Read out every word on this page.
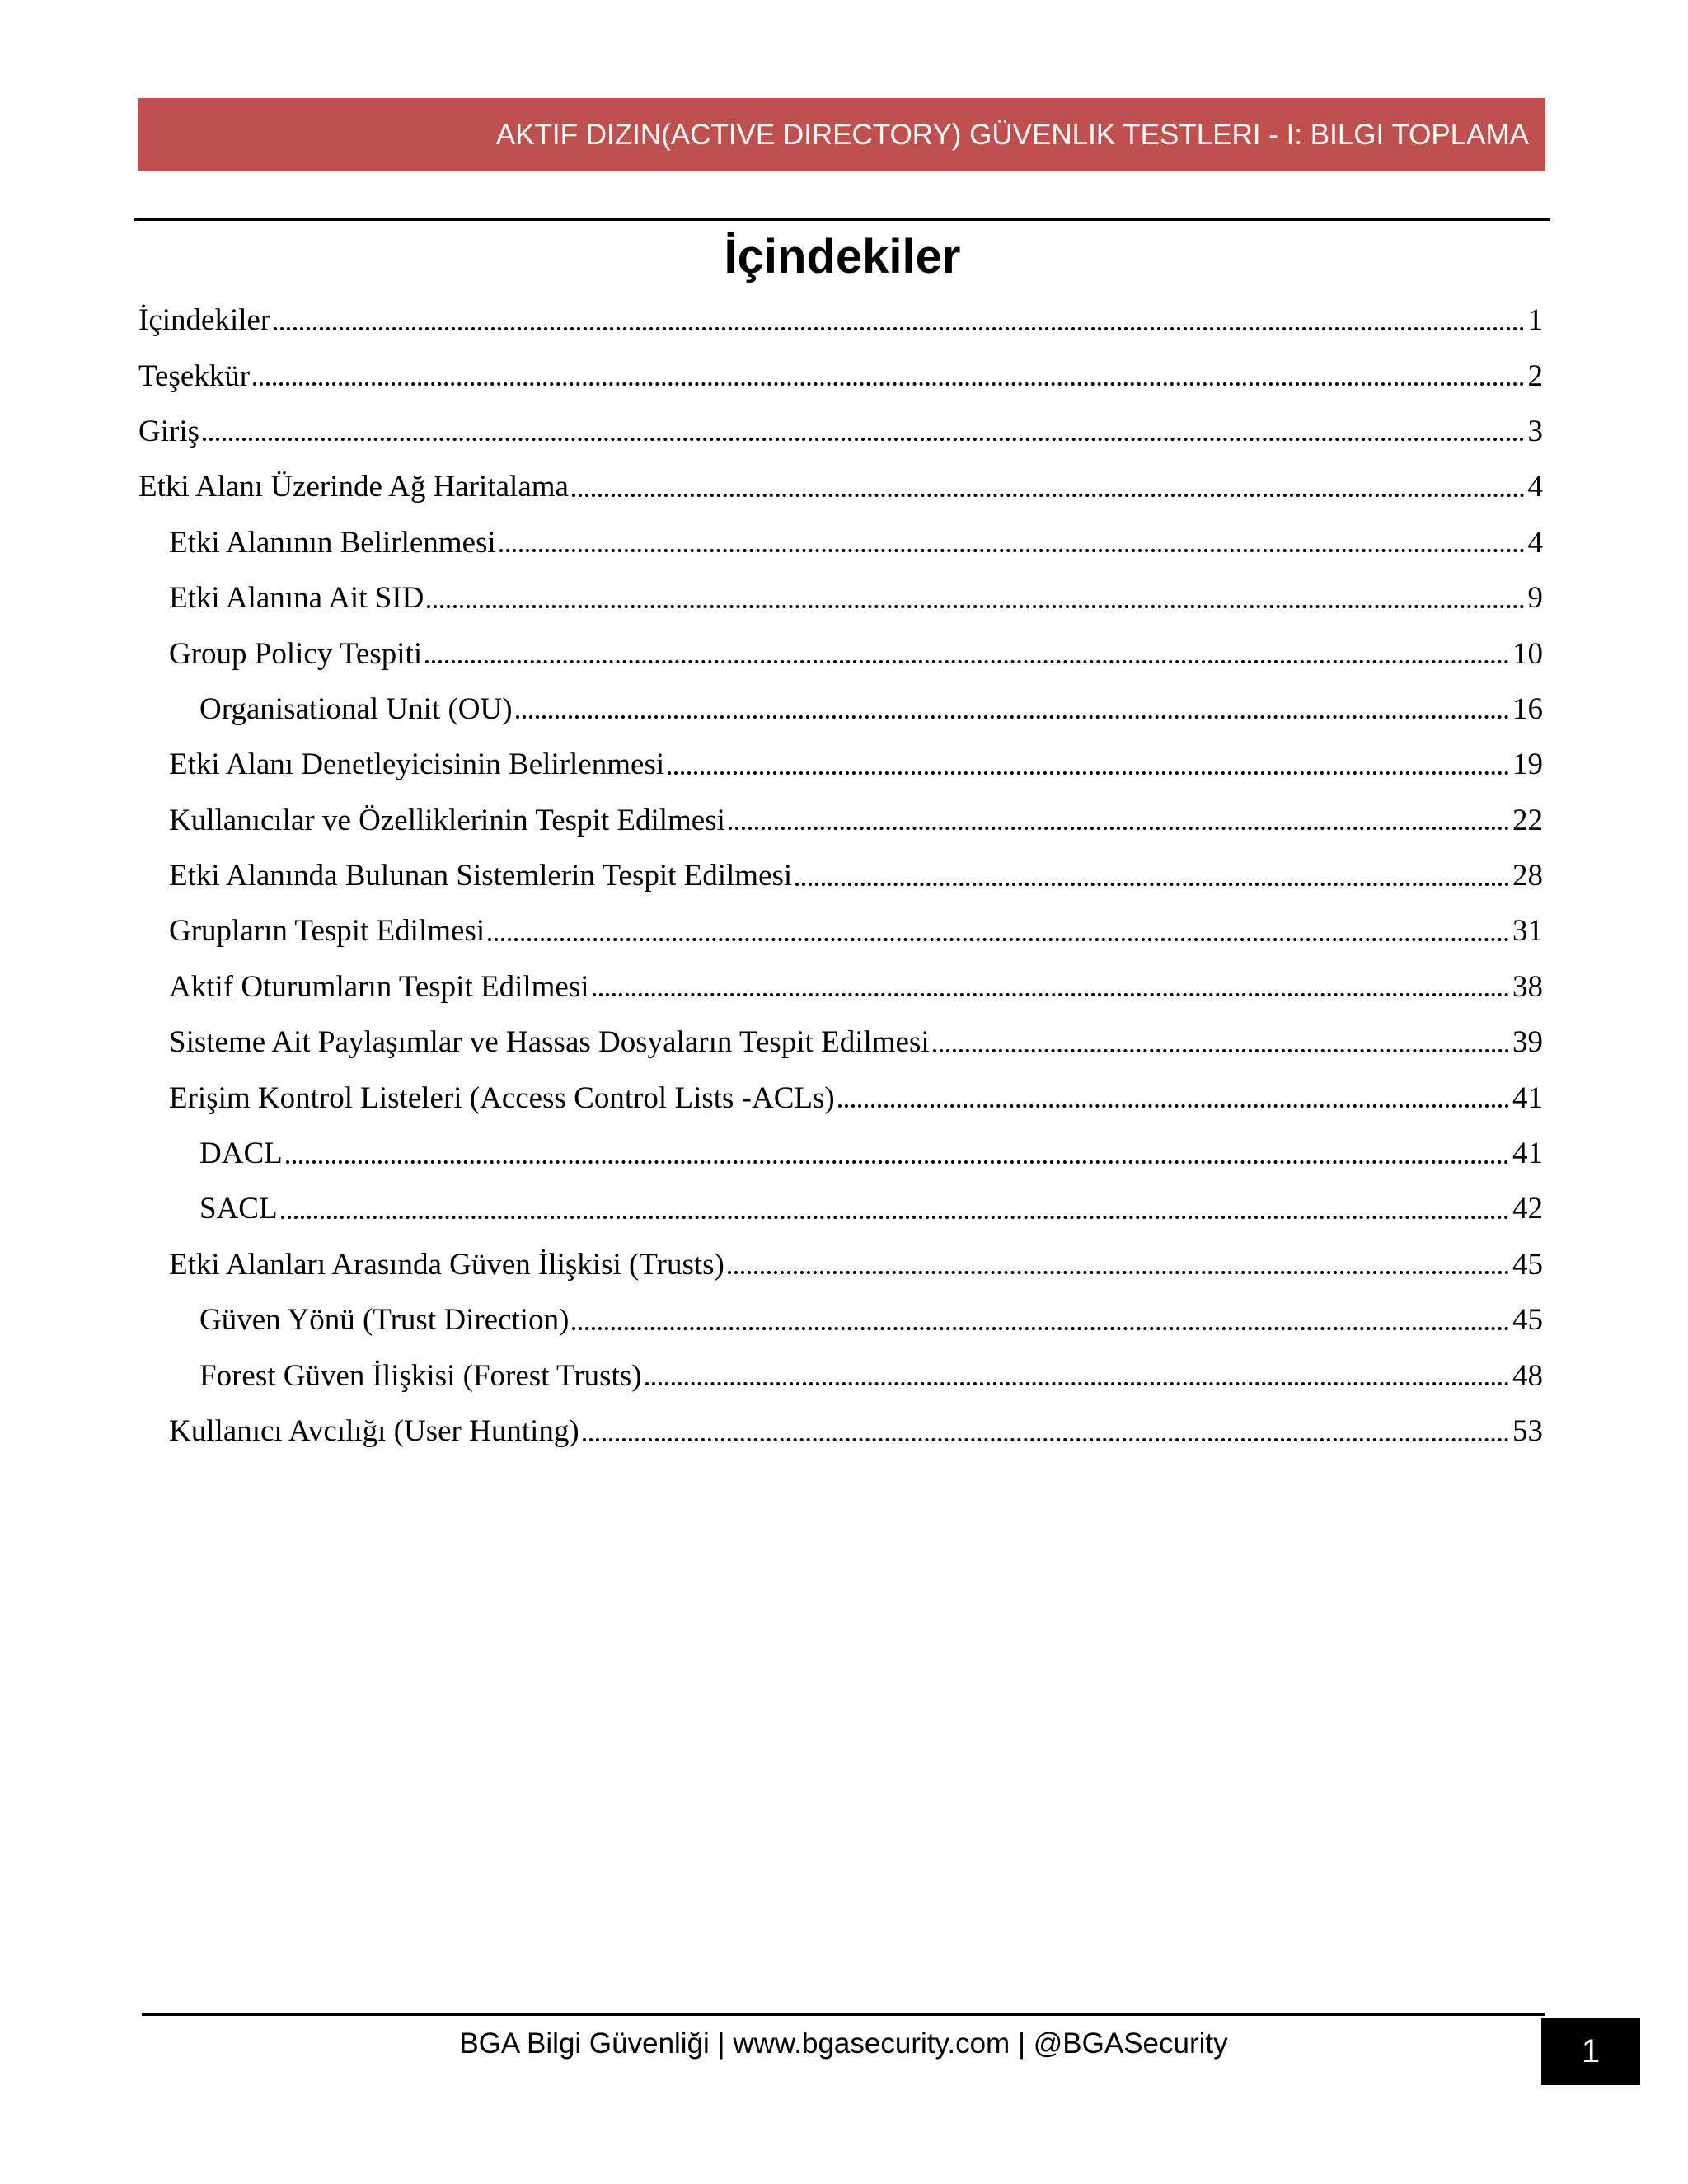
AKTIF DIZIN(ACTIVE DIRECTORY) GÜVENLIK TESTLERI - I: BILGI TOPLAMA
İçindekiler
İçindekiler	1
Teşekkür	2
Giriş	3
Etki Alanı Üzerinde Ağ Haritalama	4
Etki Alanının Belirlenmesi	4
Etki Alanına Ait SID	9
Group Policy Tespiti	10
Organisational Unit (OU)	16
Etki Alanı Denetleyicisinin Belirlenmesi	19
Kullanıcılar ve Özelliklerinin Tespit Edilmesi	22
Etki Alanında Bulunan Sistemlerin Tespit Edilmesi	28
Grupların Tespit Edilmesi	31
Aktif Oturumların Tespit Edilmesi	38
Sisteme Ait Paylaşımlar ve Hassas Dosyaların Tespit Edilmesi	39
Erişim Kontrol Listeleri (Access Control Lists -ACLs)	41
DACL	41
SACL	42
Etki Alanları Arasında Güven İlişkisi (Trusts)	45
Güven Yönü (Trust Direction)	45
Forest Güven İlişkisi (Forest Trusts)	48
Kullanıcı Avcılığı (User Hunting)	53
BGA Bilgi Güvenliği | www.bgasecurity.com | @BGASecurity	1
